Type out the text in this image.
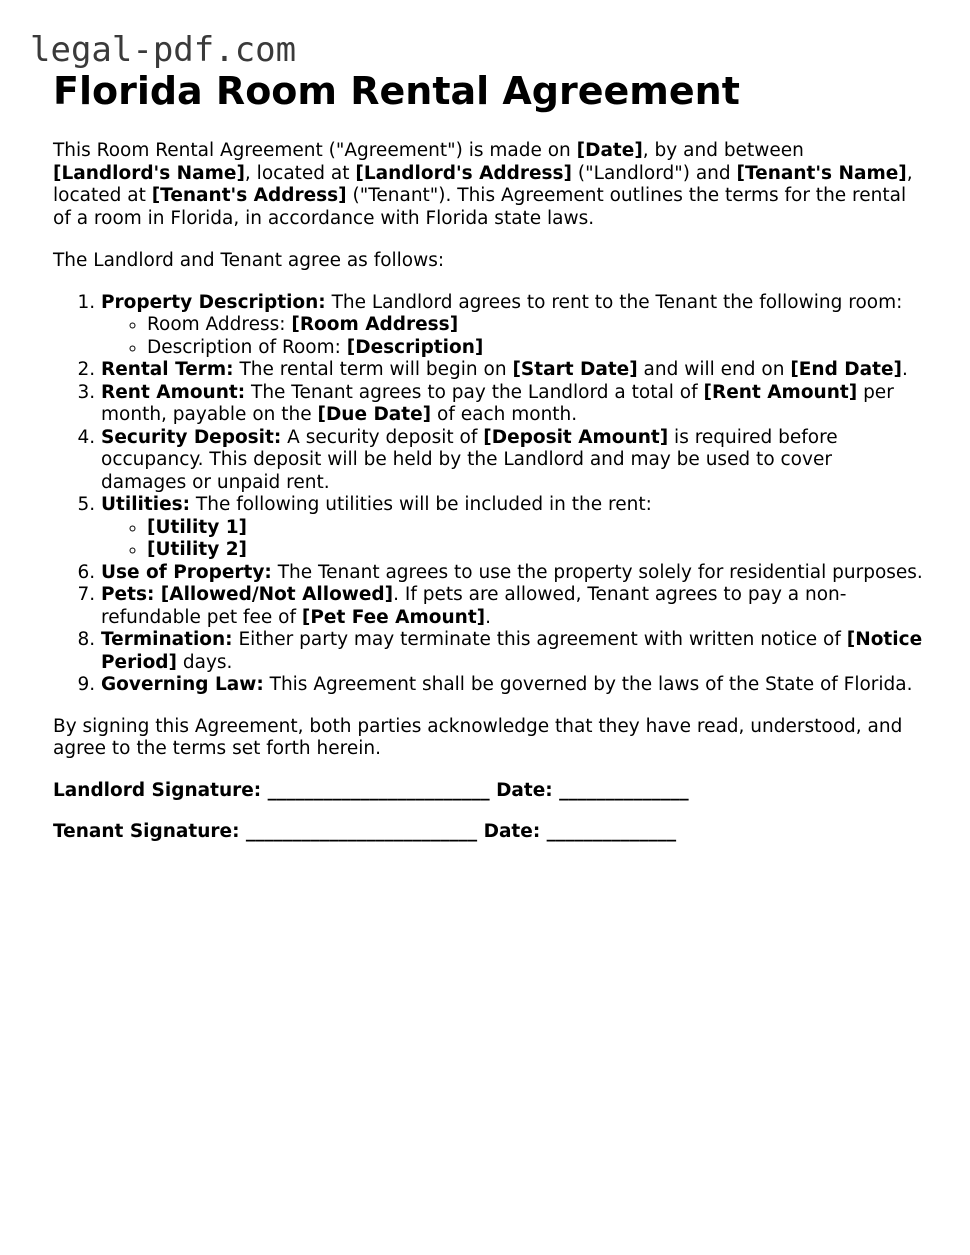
legal-pdf.com
Florida Room Rental Agreement

This Room Rental Agreement ("Agreement") is made on [Date], by and between [Landlord's Name], located at [Landlord's Address] ("Landlord") and [Tenant's Name], located at [Tenant's Address] ("Tenant"). This Agreement outlines the terms for the rental of a room in Florida, in accordance with Florida state laws.

The Landlord and Tenant agree as follows:

1. Property Description: The Landlord agrees to rent to the Tenant the following room:
◦ Room Address: [Room Address]
◦ Description of Room: [Description]
2. Rental Term: The rental term will begin on [Start Date] and will end on [End Date].
3. Rent Amount: The Tenant agrees to pay the Landlord a total of [Rent Amount] per month, payable on the [Due Date] of each month.
4. Security Deposit: A security deposit of [Deposit Amount] is required before occupancy. This deposit will be held by the Landlord and may be used to cover damages or unpaid rent.
5. Utilities: The following utilities will be included in the rent:
◦ [Utility 1]
◦ [Utility 2]
6. Use of Property: The Tenant agrees to use the property solely for residential purposes.
7. Pets: [Allowed/Not Allowed]. If pets are allowed, Tenant agrees to pay a non-refundable pet fee of [Pet Fee Amount].
8. Termination: Either party may terminate this agreement with written notice of [Notice Period] days.
9. Governing Law: This Agreement shall be governed by the laws of the State of Florida.

By signing this Agreement, both parties acknowledge that they have read, understood, and agree to the terms set forth herein.

Landlord Signature: ________________________ Date: ______________

Tenant Signature: _________________________ Date: ______________
